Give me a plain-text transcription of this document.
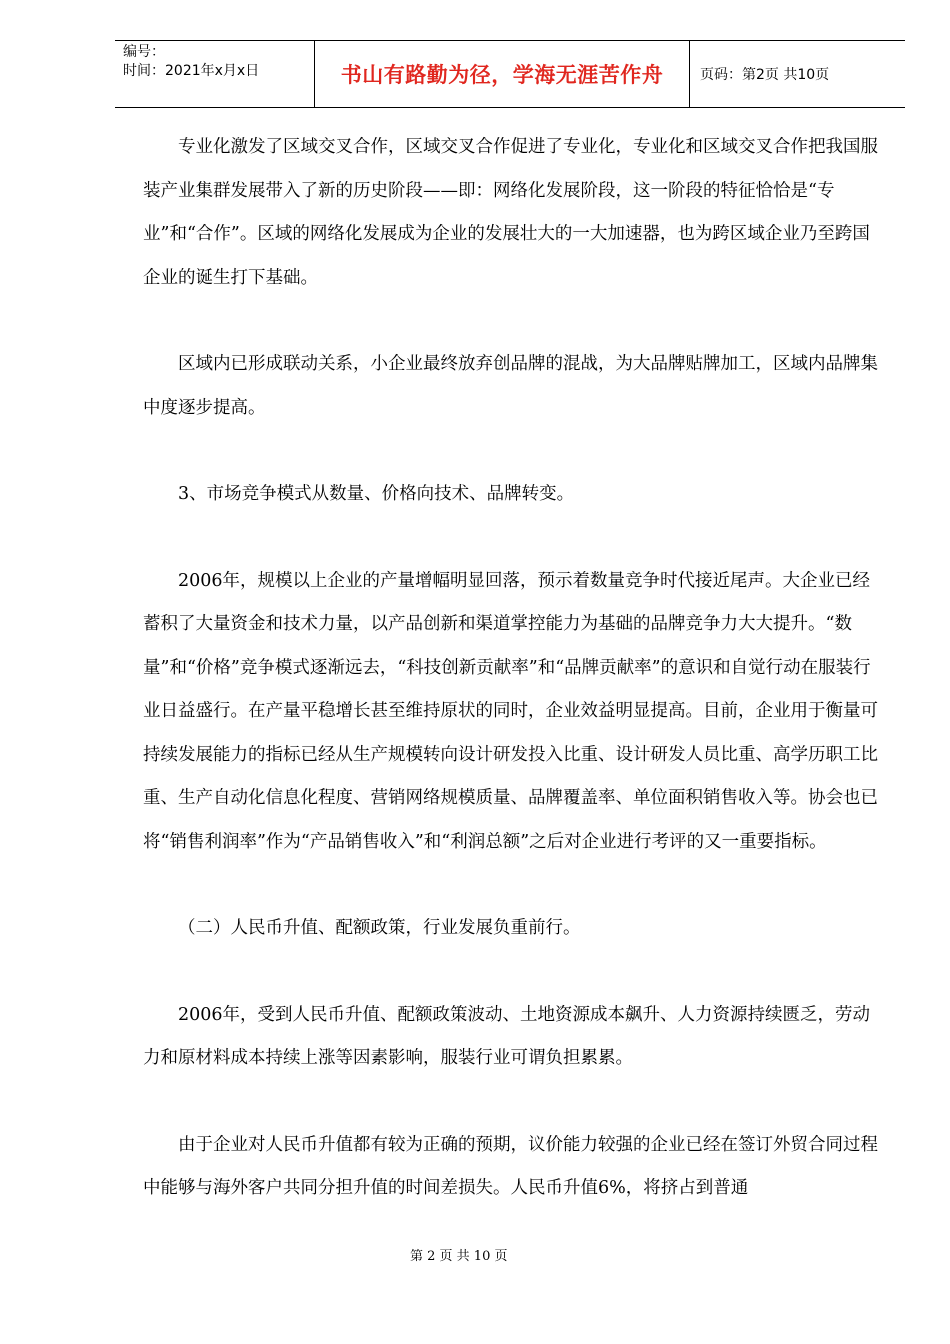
编号：
时间：2021年x月x日	书山有路勤为径，学海无涯苦作舟	页码：第2页 共10页

专业化激发了区域交叉合作，区域交叉合作促进了专业化，专业化和区域交叉合作把我国服装产业集群发展带入了新的历史阶段——即：网络化发展阶段，这一阶段的特征恰恰是“专业”和“合作”。区域的网络化发展成为企业的发展壮大的一大加速器，也为跨区域企业乃至跨国企业的诞生打下基础。

区域内已形成联动关系，小企业最终放弃创品牌的混战，为大品牌贴牌加工，区域内品牌集中度逐步提高。

3、市场竞争模式从数量、价格向技术、品牌转变。

2006年，规模以上企业的产量增幅明显回落，预示着数量竞争时代接近尾声。大企业已经蓄积了大量资金和技术力量，以产品创新和渠道掌控能力为基础的品牌竞争力大大提升。“数量”和“价格”竞争模式逐渐远去，“科技创新贡献率”和“品牌贡献率”的意识和自觉行动在服装行业日益盛行。在产量平稳增长甚至维持原状的同时，企业效益明显提高。目前，企业用于衡量可持续发展能力的指标已经从生产规模转向设计研发投入比重、设计研发人员比重、高学历职工比重、生产自动化信息化程度、营销网络规模质量、品牌覆盖率、单位面积销售收入等。协会也已将“销售利润率”作为“产品销售收入”和“利润总额”之后对企业进行考评的又一重要指标。

（二）人民币升值、配额政策，行业发展负重前行。

2006年，受到人民币升值、配额政策波动、土地资源成本飙升、人力资源持续匮乏，劳动力和原材料成本持续上涨等因素影响，服装行业可谓负担累累。

由于企业对人民币升值都有较为正确的预期，议价能力较强的企业已经在签订外贸合同过程中能够与海外客户共同分担升值的时间差损失。人民币升值6%，将挤占到普通

第 2 页 共 10 页
